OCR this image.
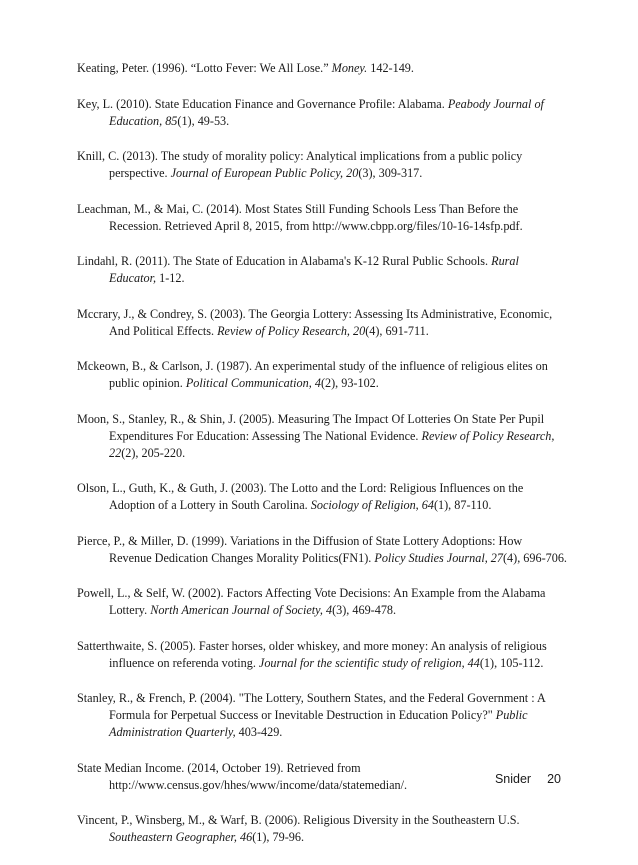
Keating, Peter. (1996). “Lotto Fever: We All Lose.” Money. 142-149.

Key, L. (2010). State Education Finance and Governance Profile: Alabama. Peabody Journal of Education, 85(1), 49-53.

Knill, C. (2013). The study of morality policy: Analytical implications from a public policy perspective. Journal of European Public Policy, 20(3), 309-317.

Leachman, M., & Mai, C. (2014). Most States Still Funding Schools Less Than Before the Recession. Retrieved April 8, 2015, from http://www.cbpp.org/files/10-16-14sfp.pdf.

Lindahl, R. (2011). The State of Education in Alabama's K-12 Rural Public Schools. Rural Educator, 1-12.

Mccrary, J., & Condrey, S. (2003). The Georgia Lottery: Assessing Its Administrative, Economic, And Political Effects. Review of Policy Research, 20(4), 691-711.

Mckeown, B., & Carlson, J. (1987). An experimental study of the influence of religious elites on public opinion. Political Communication, 4(2), 93-102.

Moon, S., Stanley, R., & Shin, J. (2005). Measuring The Impact Of Lotteries On State Per Pupil Expenditures For Education: Assessing The National Evidence. Review of Policy Research, 22(2), 205-220.

Olson, L., Guth, K., & Guth, J. (2003). The Lotto and the Lord: Religious Influences on the Adoption of a Lottery in South Carolina. Sociology of Religion, 64(1), 87-110.

Pierce, P., & Miller, D. (1999). Variations in the Diffusion of State Lottery Adoptions: How Revenue Dedication Changes Morality Politics(FN1). Policy Studies Journal, 27(4), 696-706.

Powell, L., & Self, W. (2002). Factors Affecting Vote Decisions: An Example from the Alabama Lottery. North American Journal of Society, 4(3), 469-478.

Satterthwaite, S. (2005). Faster horses, older whiskey, and more money: An analysis of religious influence on referenda voting. Journal for the scientific study of religion, 44(1), 105-112.

Stanley, R., & French, P. (2004). "The Lottery, Southern States, and the Federal Government : A Formula for Perpetual Success or Inevitable Destruction in Education Policy?" Public Administration Quarterly, 403-429.

State Median Income. (2014, October 19). Retrieved from http://www.census.gov/hhes/www/income/data/statemedian/.

Vincent, P., Winsberg, M., & Warf, B. (2006). Religious Diversity in the Southeastern U.S. Southeastern Geographer, 46(1), 79-96.

Snider 20
